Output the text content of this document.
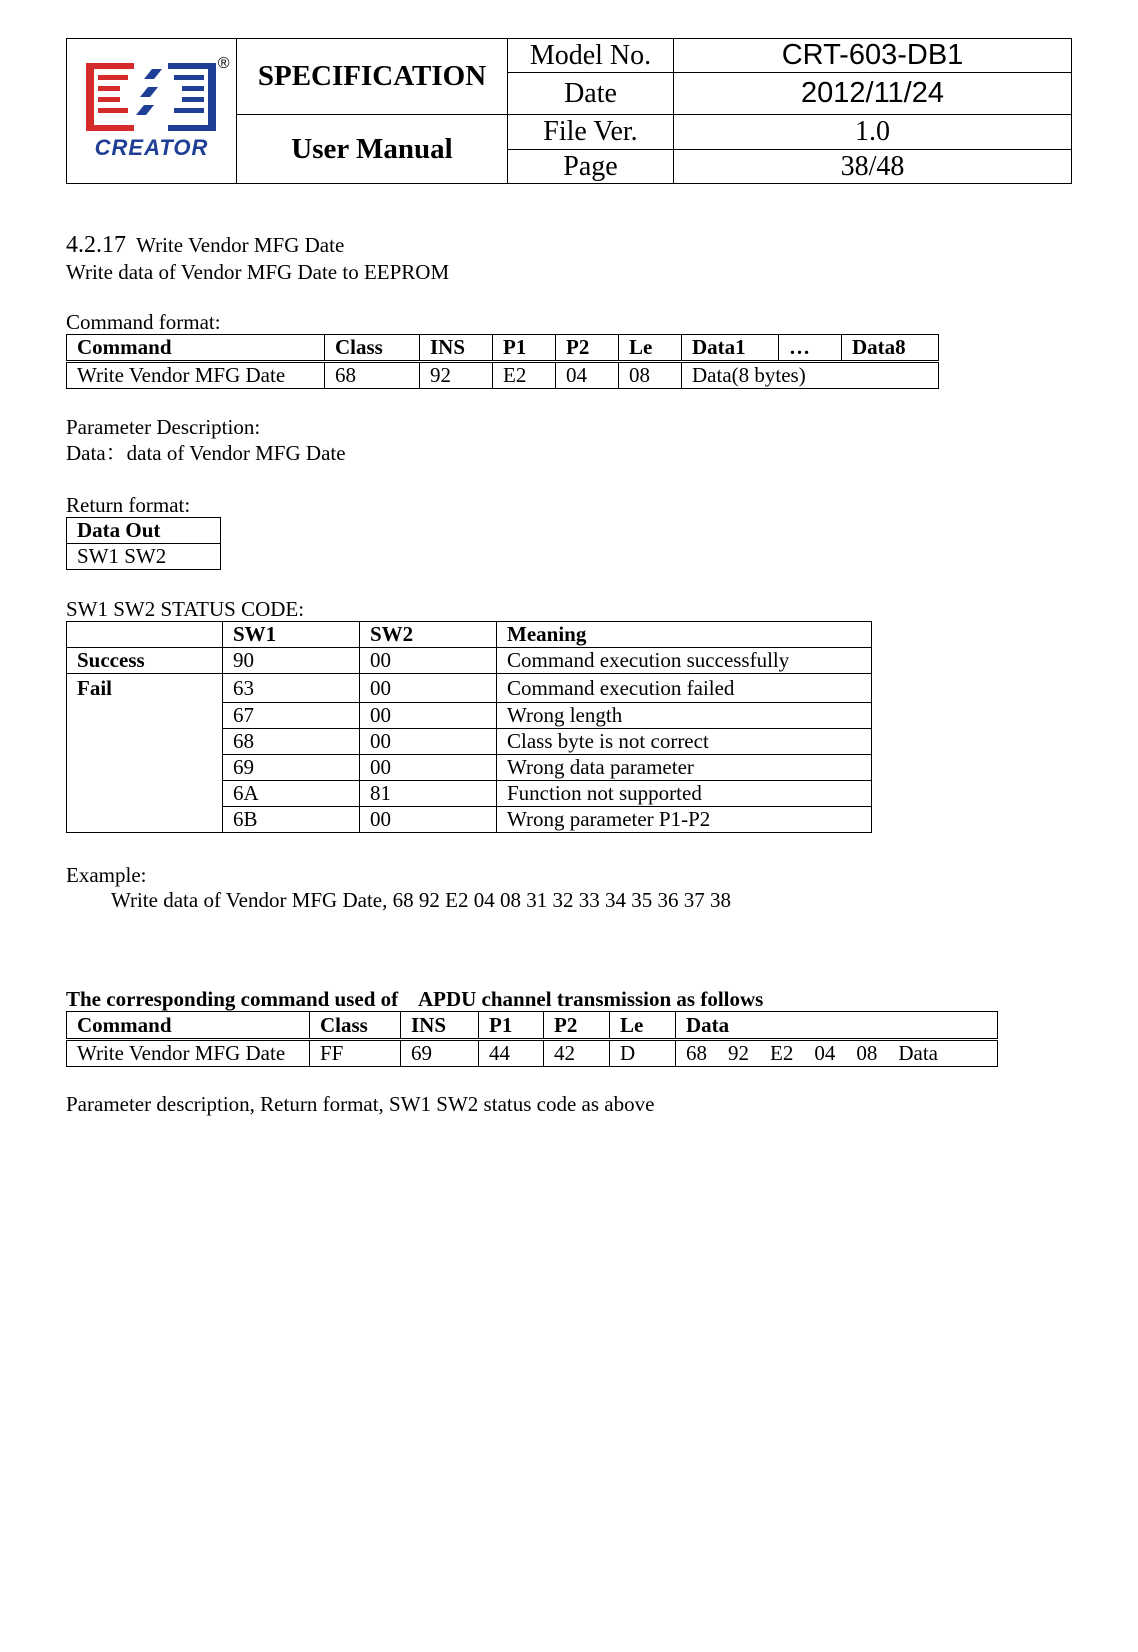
CREATOR
®	SPECIFICATION	Model No.	CRT-603-DB1
		Date	2012/11/24
	User Manual	File Ver.	1.0
		Page	38/48
4.2.17 Write Vendor MFG Date
Write data of Vendor MFG Date to EEPROM
Command format:
Command	Class	INS	P1	P2	Le	Data1	…	Data8
Write Vendor MFG Date	68	92	E2	04	08	Data(8 bytes)		
Parameter Description:
Data：data of Vendor MFG Date
Return format:
Data Out
SW1 SW2
SW1 SW2 STATUS CODE:
	SW1	SW2	Meaning
Success	90	00	Command execution successfully
Fail	63	00	Command execution failed
	67	00	Wrong length
	68	00	Class byte is not correct
	69	00	Wrong data parameter
	6A	81	Function not supported
	6B	00	Wrong parameter P1-P2
Example:
Write data of Vendor MFG Date, 68 92 E2 04 08 31 32 33 34 35 36 37 38
The corresponding command used of    APDU channel transmission as follows
Command	Class	INS	P1	P2	Le	Data
Write Vendor MFG Date	FF	69	44	42	D	68    92    E2    04    08    Data
Parameter description, Return format, SW1 SW2 status code as above
